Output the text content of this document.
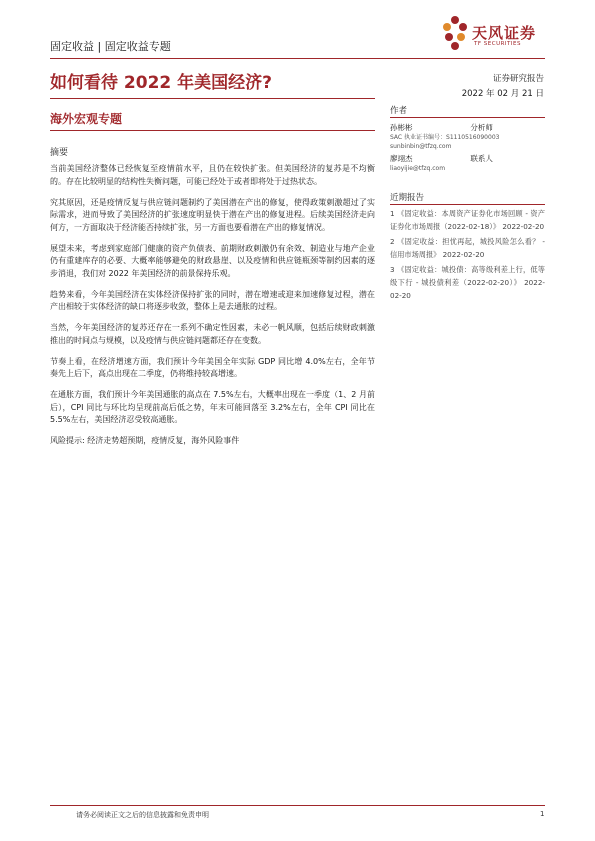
固定收益 | 固定收益专题
天风证券
TF SECURITIES
如何看待 2022 年美国经济?	证券研究报告
2022 年 02 月 21 日
海外宏观专题
摘要

当前美国经济整体已经恢复至疫情前水平，且仍在较快扩张。但美国经济的复苏是不均衡的。存在比较明显的结构性失衡问题，可能已经处于或者即将处于过热状态。

究其原因，还是疫情反复与供应链问题制约了美国潜在产出的修复，使得政策刺激超过了实际需求，进而导致了美国经济的扩张速度明显快于潜在产出的修复进程。后续美国经济走向何方，一方面取决于经济能否持续扩张，另一方面也要看潜在产出的修复情况。

展望未来，考虑到家庭部门健康的资产负债表、前期财政刺激仍有余效、制造业与地产企业仍有重建库存的必要、大概率能够避免的财政悬崖、以及疫情和供应链瓶颈等制约因素的逐步消退，我们对 2022 年美国经济的前景保持乐观。

趋势来看，今年美国经济在实体经济保持扩张的同时，潜在增速或迎来加速修复过程，潜在产出相较于实体经济的缺口将逐步收敛，整体上是去通胀的过程。

当然，今年美国经济的复苏还存在一系列不确定性因素，未必一帆风顺，包括后续财政刺激推出的时间点与规模，以及疫情与供应链问题都还存在变数。

节奏上看，在经济增速方面，我们预计今年美国全年实际 GDP 同比增 4.0%左右，全年节奏先上后下，高点出现在二季度，仍将维持较高增速。

在通胀方面，我们预计今年美国通胀的高点在 7.5%左右，大概率出现在一季度（1、2 月前后），CPI 同比与环比均呈现前高后低之势，年末可能回落至 3.2%左右，全年 CPI 同比在 5.5%左右，美国经济忍受较高通胀。

风险提示: 经济走势超预期，疫情反复，海外风险事件
作者
孙彬彬	分析师
SAC 执业证书编号：S1110516090003
sunbinbin@tfzq.com
廖翊杰	联系人
liaoyijie@tfzq.com
近期报告
1 《固定收益：本周资产证券化市场回顾 - 资产证券化市场周报（2022-02-18）》 2022-02-20
2 《固定收益：担忧再起，城投风险怎么看？ -信用市场周报》 2022-02-20
3 《固定收益：城投债：高等级利差上行，低等级下行 - 城投债利差（2022-02-20）》 2022-02-20
请务必阅读正文之后的信息披露和免责申明	1
